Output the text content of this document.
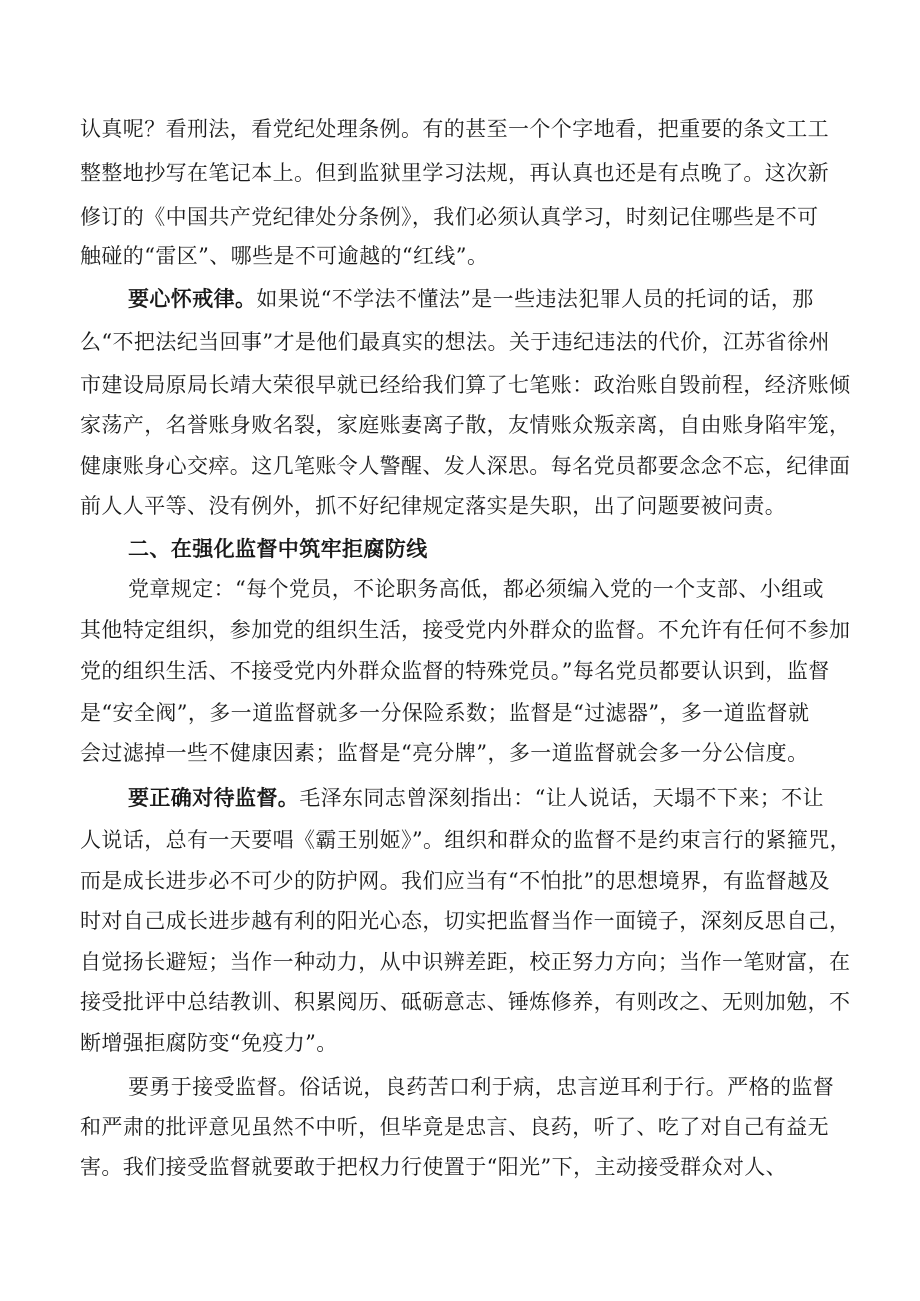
认真呢？看刑法，看党纪处理条例。有的甚至一个个字地看，把重要的条文工工
整整地抄写在笔记本上。但到监狱里学习法规，再认真也还是有点晚了。这次新
修订的《中国共产党纪律处分条例》，我们必须认真学习，时刻记住哪些是不可
触碰的“雷区”、哪些是不可逾越的“红线”。
要心怀戒律。如果说“不学法不懂法”是一些违法犯罪人员的托词的话，那
么“不把法纪当回事”才是他们最真实的想法。关于违纪违法的代价，江苏省徐州
市建设局原局长靖大荣很早就已经给我们算了七笔账：政治账自毁前程，经济账倾
家荡产，名誉账身败名裂，家庭账妻离子散，友情账众叛亲离，自由账身陷牢笼，
健康账身心交瘁。这几笔账令人警醒、发人深思。每名党员都要念念不忘，纪律面
前人人平等、没有例外，抓不好纪律规定落实是失职，出了问题要被问责。
二、在强化监督中筑牢拒腐防线
党章规定：“每个党员，不论职务高低，都必须编入党的一个支部、小组或
其他特定组织，参加党的组织生活，接受党内外群众的监督。不允许有任何不参加
党的组织生活、不接受党内外群众监督的特殊党员。”每名党员都要认识到，监督
是“安全阀”，多一道监督就多一分保险系数；监督是“过滤器”，多一道监督就
会过滤掉一些不健康因素；监督是“亮分牌”，多一道监督就会多一分公信度。
要正确对待监督。毛泽东同志曾深刻指出：“让人说话，天塌不下来；不让
人说话，总有一天要唱《霸王别姬》”。组织和群众的监督不是约束言行的紧箍咒，
而是成长进步必不可少的防护网。我们应当有“不怕批”的思想境界，有监督越及
时对自己成长进步越有利的阳光心态，切实把监督当作一面镜子，深刻反思自己，
自觉扬长避短；当作一种动力，从中识辨差距，校正努力方向；当作一笔财富，在
接受批评中总结教训、积累阅历、砥砺意志、锤炼修养，有则改之、无则加勉，不
断增强拒腐防变“免疫力”。
要勇于接受监督。俗话说，良药苦口利于病，忠言逆耳利于行。严格的监督
和严肃的批评意见虽然不中听，但毕竟是忠言、良药，听了、吃了对自己有益无
害。我们接受监督就要敢于把权力行使置于“阳光”下，主动接受群众对人、
